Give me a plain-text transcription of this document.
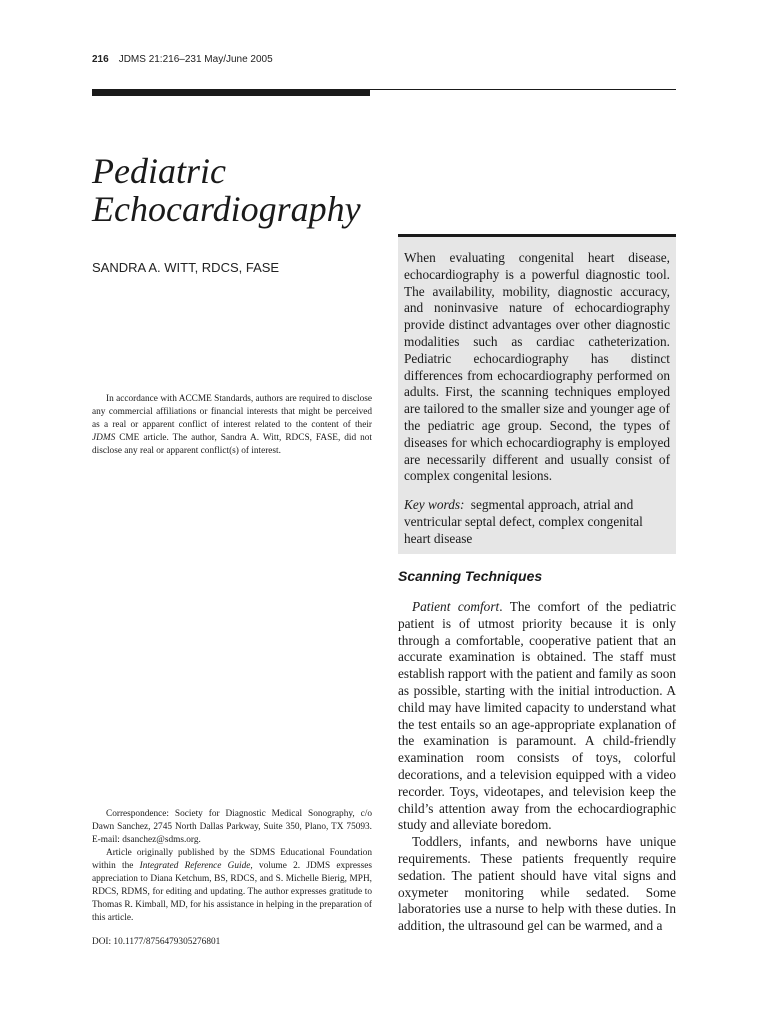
216 JDMS 21:216–231 May/June 2005
Pediatric
Echocardiography
SANDRA A. WITT, RDCS, FASE

In accordance with ACCME Standards, authors are required to disclose any commercial affiliations or financial interests that might be perceived as a real or apparent conflict of interest related to the content of their JDMS CME article. The author, Sandra A. Witt, RDCS, FASE, did not disclose any real or apparent conflict(s) of interest.

When evaluating congenital heart disease, echocardiography is a powerful diagnostic tool. The availability, mobility, diagnostic accuracy, and noninvasive nature of echocardiography provide distinct advantages over other diagnostic modalities such as cardiac catheterization. Pediatric echocardiography has distinct differences from echocardiography performed on adults. First, the scanning techniques employed are tailored to the smaller size and younger age of the pediatric age group. Second, the types of diseases for which echocardiography is employed are necessarily different and usually consist of complex congenital lesions.

Key words: segmental approach, atrial and ventricular septal defect, complex congenital heart disease

Scanning Techniques

Patient comfort. The comfort of the pediatric patient is of utmost priority because it is only through a comfortable, cooperative patient that an accurate examination is obtained. The staff must establish rapport with the patient and family as soon as possible, starting with the initial introduction. A child may have limited capacity to understand what the test entails so an age-appropriate explanation of the examination is paramount. A child-friendly examination room consists of toys, colorful decorations, and a television equipped with a video recorder. Toys, videotapes, and television keep the child’s attention away from the echocardiographic study and alleviate boredom.

Toddlers, infants, and newborns have unique requirements. These patients frequently require sedation. The patient should have vital signs and oxymeter monitoring while sedated. Some laboratories use a nurse to help with these duties. In addition, the ultrasound gel can be warmed, and a

Correspondence: Society for Diagnostic Medical Sonography, c/o Dawn Sanchez, 2745 North Dallas Parkway, Suite 350, Plano, TX 75093. E-mail: dsanchez@sdms.org.

Article originally published by the SDMS Educational Foundation within the Integrated Reference Guide, volume 2. JDMS expresses appreciation to Diana Ketchum, BS, RDCS, and S. Michelle Bierig, MPH, RDCS, RDMS, for editing and updating. The author expresses gratitude to Thomas R. Kimball, MD, for his assistance in helping in the preparation of this article.

DOI: 10.1177/8756479305276801
